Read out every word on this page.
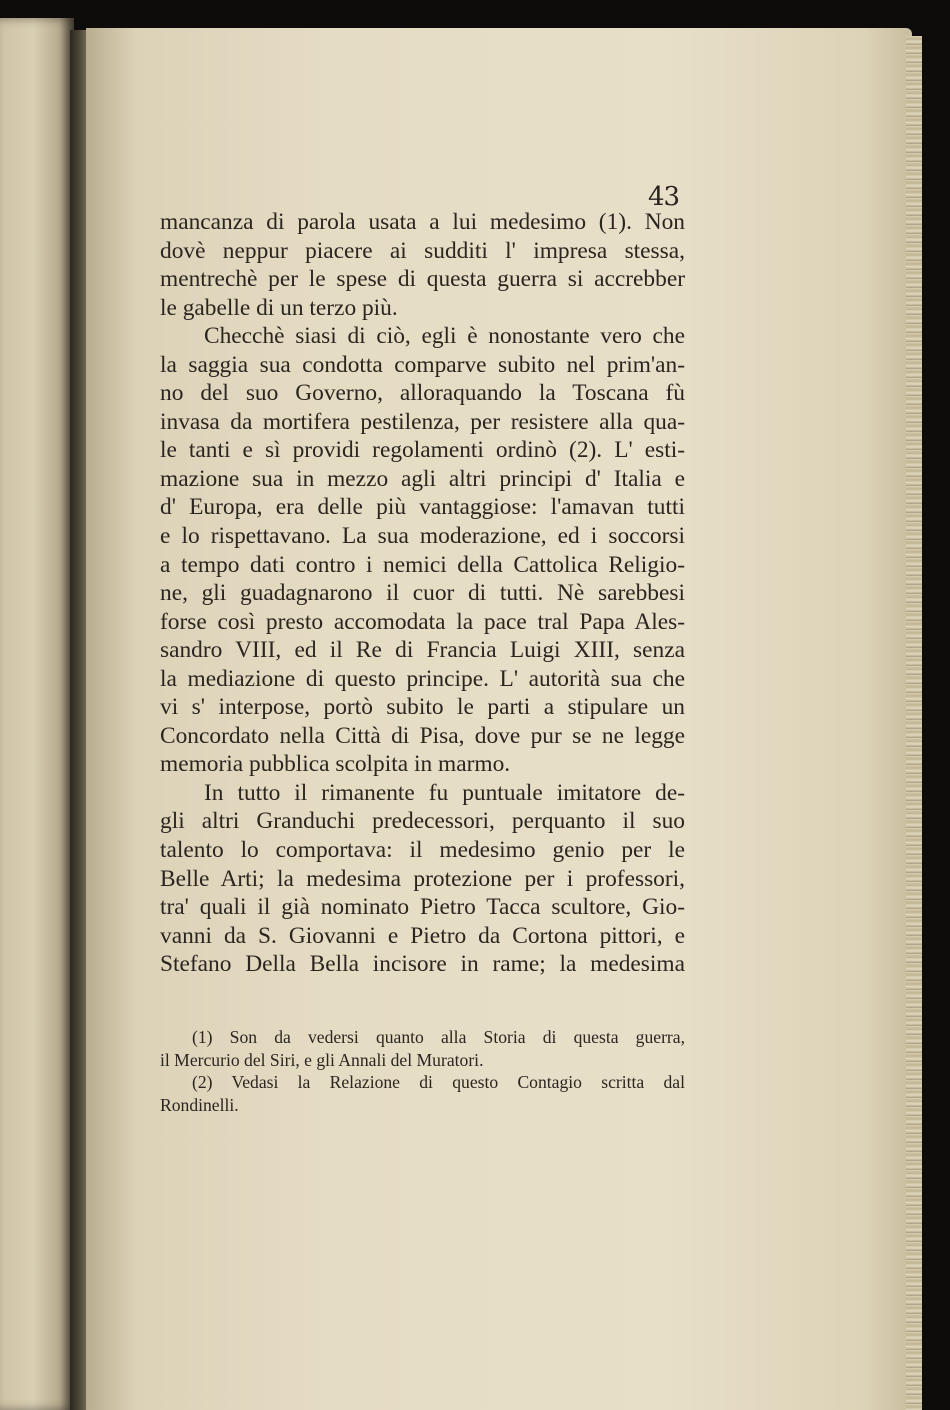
43
mancanza di parola usata a lui medesimo (1). Non
dovè neppur piacere ai sudditi l' impresa stessa,
mentrechè per le spese di questa guerra si accrebber
le gabelle di un terzo più.
Checchè siasi di ciò, egli è nonostante vero che
la saggia sua condotta comparve subito nel prim'an-
no del suo Governo, alloraquando la Toscana fù
invasa da mortifera pestilenza, per resistere alla qua-
le tanti e sì providi regolamenti ordinò (2). L' esti-
mazione sua in mezzo agli altri principi d' Italia e
d' Europa, era delle più vantaggiose: l'amavan tutti
e lo rispettavano. La sua moderazione, ed i soccorsi
a tempo dati contro i nemici della Cattolica Religio-
ne, gli guadagnarono il cuor di tutti. Nè sarebbesi
forse così presto accomodata la pace tral Papa Ales-
sandro VIII, ed il Re di Francia Luigi XIII, senza
la mediazione di questo principe. L' autorità sua che
vi s' interpose, portò subito le parti a stipulare un
Concordato nella Città di Pisa, dove pur se ne legge
memoria pubblica scolpita in marmo.
In tutto il rimanente fu puntuale imitatore de-
gli altri Granduchi predecessori, perquanto il suo
talento lo comportava: il medesimo genio per le
Belle Arti; la medesima protezione per i professori,
tra' quali il già nominato Pietro Tacca scultore, Gio-
vanni da S. Giovanni e Pietro da Cortona pittori, e
Stefano Della Bella incisore in rame; la medesima
(1) Son da vedersi quanto alla Storia di questa guerra,
il Mercurio del Siri, e gli Annali del Muratori.
(2) Vedasi la Relazione di questo Contagio scritta dal
Rondinelli.
